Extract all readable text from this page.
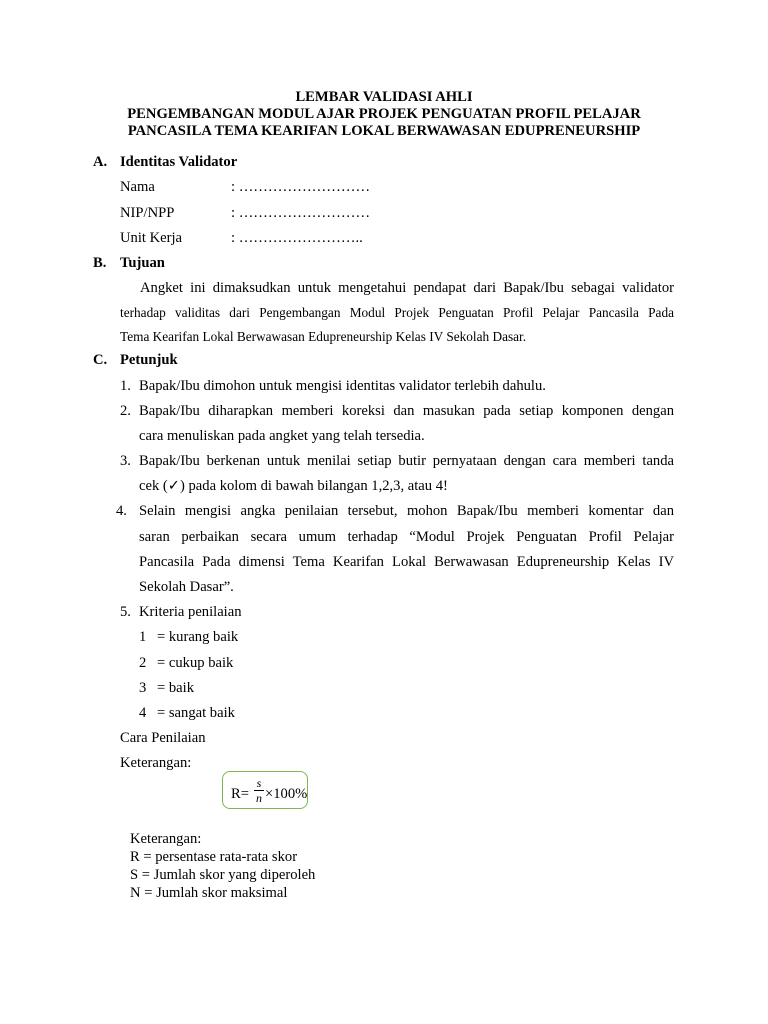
LEMBAR VALIDASI AHLI
PENGEMBANGAN MODUL AJAR PROJEK PENGUATAN PROFIL PELAJAR
PANCASILA TEMA KEARIFAN LOKAL BERWAWASAN EDUPRENEURSHIP
A. Identitas Validator
Nama	: ………………………
NIP/NPP	: ………………………
Unit Kerja	: ……………………..
B. Tujuan
Angket ini dimaksudkan untuk mengetahui pendapat dari Bapak/Ibu sebagai validator
terhadap validitas dari Pengembangan Modul Projek Penguatan Profil Pelajar Pancasila Pada
Tema Kearifan Lokal Berwawasan Edupreneurship Kelas IV Sekolah Dasar.
C. Petunjuk
1. Bapak/Ibu dimohon untuk mengisi identitas validator terlebih dahulu.
2. Bapak/Ibu diharapkan memberi koreksi dan masukan pada setiap komponen dengan
cara menuliskan pada angket yang telah tersedia.
3. Bapak/Ibu berkenan untuk menilai setiap butir pernyataan dengan cara memberi tanda
cek (✓) pada kolom di bawah bilangan 1,2,3, atau 4!
4. Selain mengisi angka penilaian tersebut, mohon Bapak/Ibu memberi komentar dan
saran perbaikan secara umum terhadap “Modul Projek Penguatan Profil Pelajar
Pancasila Pada dimensi Tema Kearifan Lokal Berwawasan Edupreneurship Kelas IV
Sekolah Dasar”.
5. Kriteria penilaian
1 = kurang baik
2 = cukup baik
3 = baik
4 = sangat baik
Cara Penilaian
Keterangan:
R=
s
n ×100%
Keterangan:
R = persentase rata-rata skor
S = Jumlah skor yang diperoleh
N = Jumlah skor maksimal
